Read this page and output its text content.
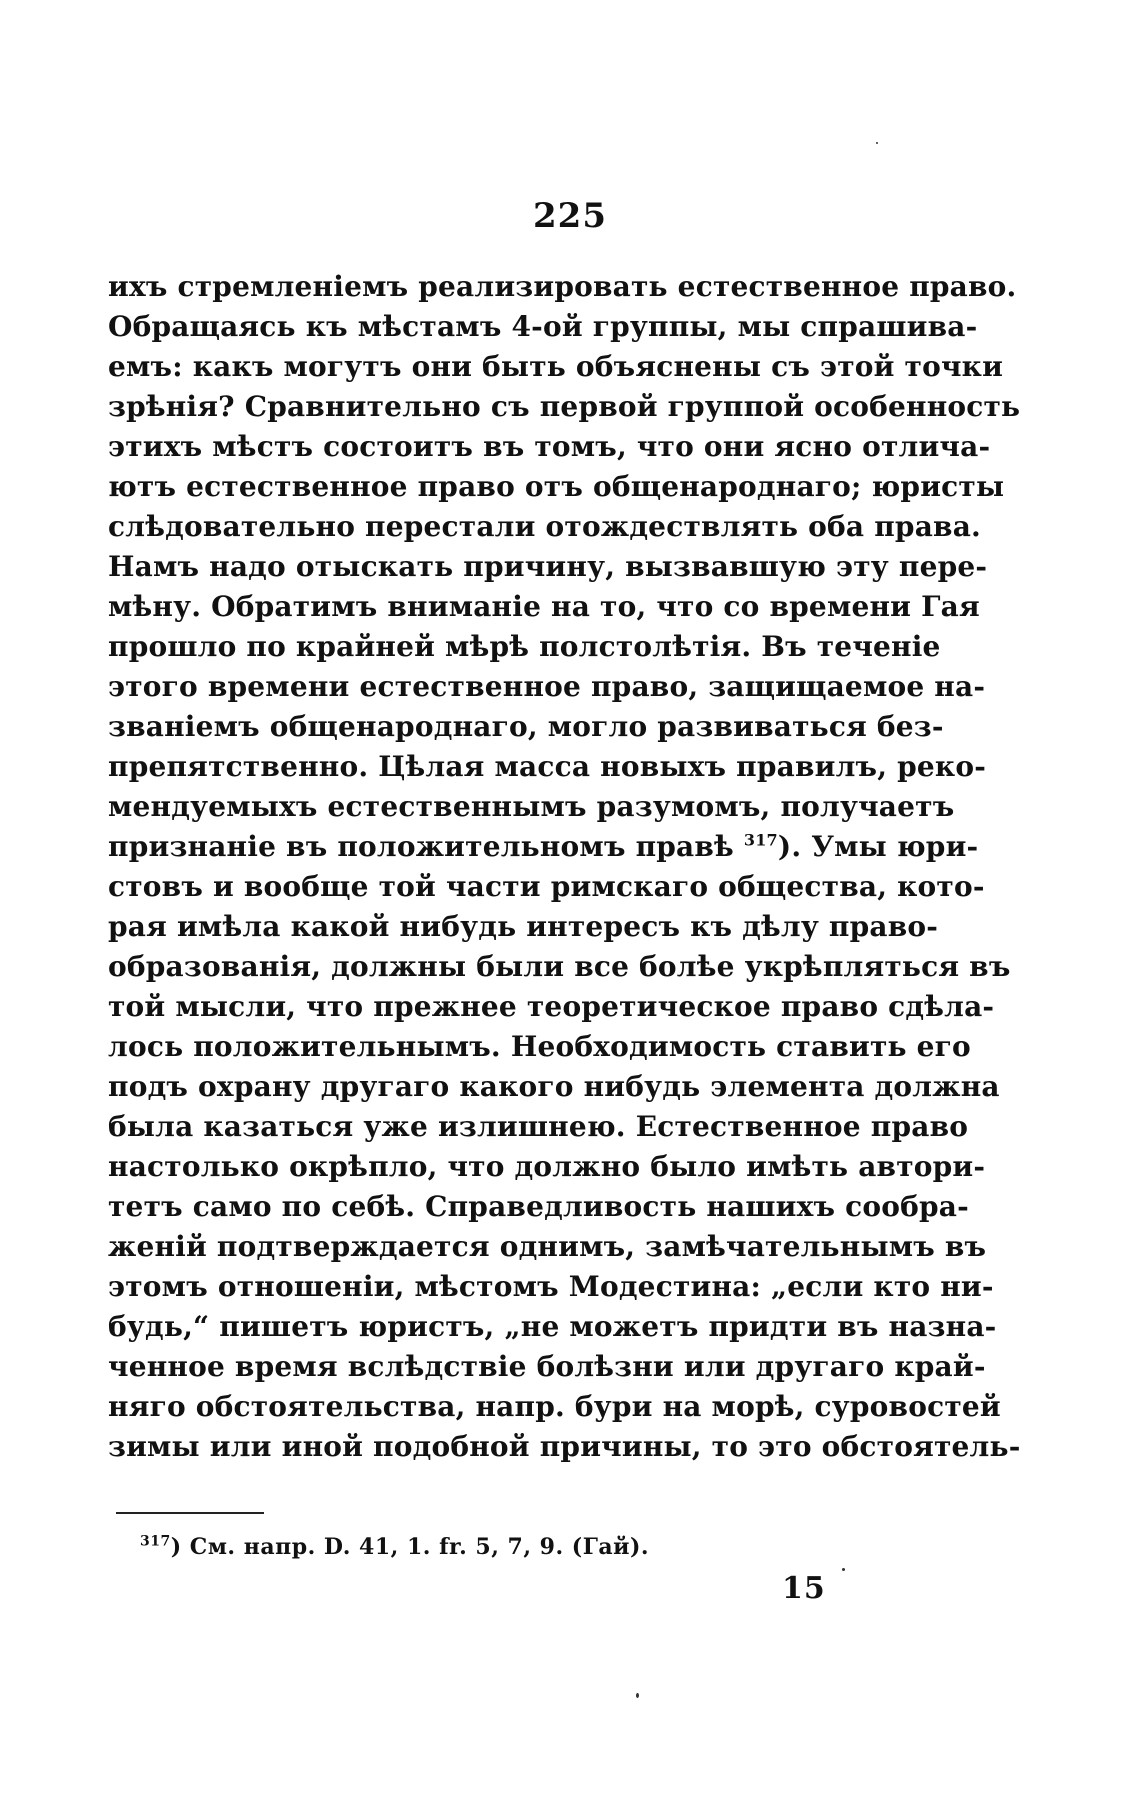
225
ихъ стремленіемъ реализировать естественное право.
Обращаясь къ мѣстамъ 4-ой группы, мы спрашива-
емъ: какъ могутъ они быть объяснены съ этой точки
зрѣнія? Сравнительно съ первой группой особенность
этихъ мѣстъ состоитъ въ томъ, что они ясно отлича-
ютъ естественное право отъ общенароднаго; юристы
слѣдовательно перестали отождествлять оба права.
Намъ надо отыскать причину, вызвавшую эту пере-
мѣну. Обратимъ вниманіе на то, что со времени Гая
прошло по крайней мѣрѣ полстолѣтія. Въ теченіе
этого времени естественное право, защищаемое на-
званіемъ общенароднаго, могло развиваться без-
препятственно. Цѣлая масса новыхъ правилъ, реко-
мендуемыхъ естественнымъ разумомъ, получаетъ
признаніе въ положительномъ правѣ $^{317}$). Умы юри-
стовъ и вообще той части римскаго общества, кото-
рая имѣла какой нибудь интересъ къ дѣлу право-
образованія, должны были все болѣе укрѣпляться въ
той мысли, что прежнее теоретическое право сдѣла-
лось положительнымъ. Необходимость ставить его
подъ охрану другаго какого нибудь элемента должна
была казаться уже излишнею. Естественное право
настолько окрѣпло, что должно было имѣть автори-
тетъ само по себѣ. Справедливость нашихъ сообра-
женій подтверждается однимъ, замѣчательнымъ въ
этомъ отношеніи, мѣстомъ Модестина: „если кто ни-
будь,“ пишетъ юристъ, „не можетъ придти въ назна-
ченное время вслѣдствіе болѣзни или другаго край-
няго обстоятельства, напр. бури на морѣ, суровостей
зимы или иной подобной причины, то это обстоятель-
$^{317}$) См. напр. D. 41, 1. fr. 5, 7, 9. (Гай).
15
